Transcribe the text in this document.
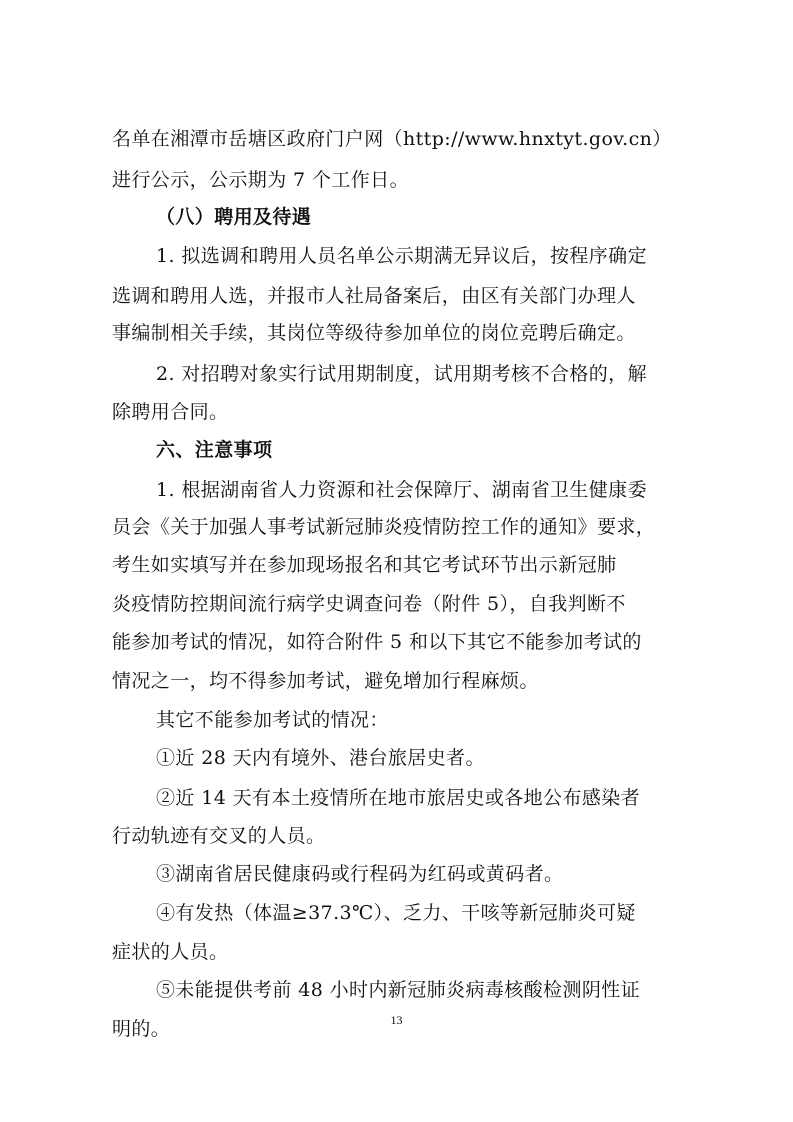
名单在湘潭市岳塘区政府门户网（http://www.hnxtyt.gov.cn）
进行公示，公示期为 7 个工作日。
（八）聘用及待遇
1. 拟选调和聘用人员名单公示期满无异议后，按程序确定
选调和聘用人选，并报市人社局备案后，由区有关部门办理人
事编制相关手续，其岗位等级待参加单位的岗位竞聘后确定。
2. 对招聘对象实行试用期制度，试用期考核不合格的，解
除聘用合同。
六、注意事项
1. 根据湖南省人力资源和社会保障厅、湖南省卫生健康委
员会《关于加强人事考试新冠肺炎疫情防控工作的通知》要求，
考生如实填写并在参加现场报名和其它考试环节出示新冠肺
炎疫情防控期间流行病学史调查问卷（附件 5），自我判断不
能参加考试的情况，如符合附件 5 和以下其它不能参加考试的
情况之一，均不得参加考试，避免增加行程麻烦。
其它不能参加考试的情况：
①近 28 天内有境外、港台旅居史者。
②近 14 天有本土疫情所在地市旅居史或各地公布感染者
行动轨迹有交叉的人员。
③湖南省居民健康码或行程码为红码或黄码者。
④有发热（体温≥37.3℃）、乏力、干咳等新冠肺炎可疑
症状的人员。
⑤未能提供考前 48 小时内新冠肺炎病毒核酸检测阴性证
明的。	13
